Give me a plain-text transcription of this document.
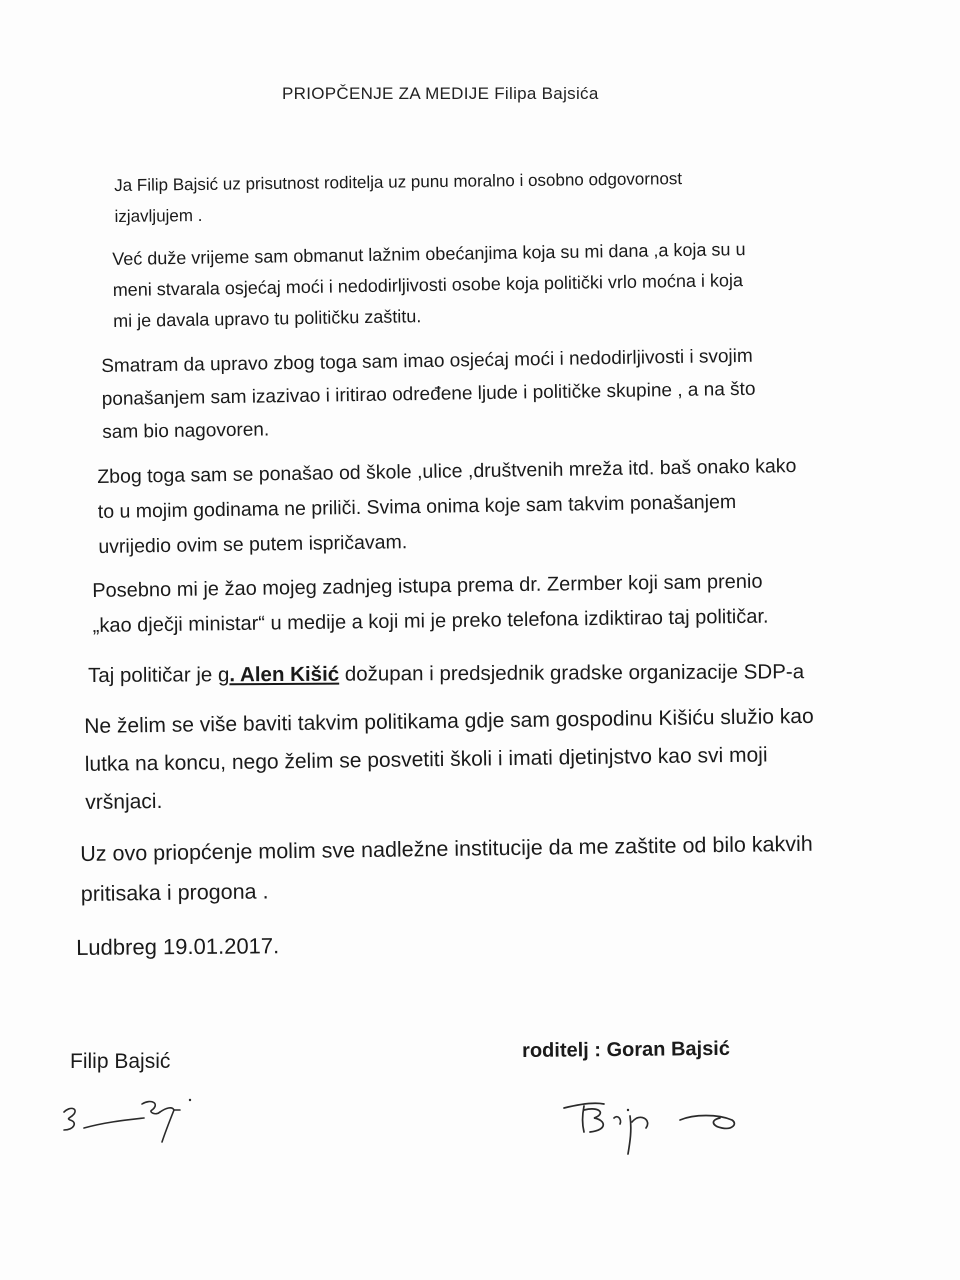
PRIOPČENJE ZA MEDIJE Filipa Bajsića
Ja Filip Bajsić uz prisutnost roditelja uz punu moralno i osobno odgovornost
izjavljujem .
Već duže vrijeme sam obmanut lažnim obećanjima koja su mi dana ,a koja su u
meni stvarala osjećaj moći i nedodirljivosti osobe koja politički vrlo moćna i koja
mi je davala upravo tu političku zaštitu.
Smatram da upravo zbog toga sam imao osjećaj moći i nedodirljivosti i svojim
ponašanjem sam izazivao i iritirao određene ljude i političke skupine , a na što
sam bio nagovoren.
Zbog toga sam se ponašao od škole ,ulice ,društvenih mreža itd. baš onako kako
to u mojim godinama ne priliči. Svima onima koje sam takvim ponašanjem
uvrijedio ovim se putem ispričavam.
Posebno mi je žao mojeg zadnjeg istupa prema dr. Zermber koji sam prenio
„kao dječji ministar“ u medije a koji mi je preko telefona izdiktirao taj političar.
Taj političar je g. Alen Kišić dožupan i predsjednik gradske organizacije SDP-a
Ne želim se više baviti takvim politikama gdje sam gospodinu Kišiću služio kao
lutka na koncu, nego želim se posvetiti školi i imati djetinjstvo kao svi moji
vršnjaci.
Uz ovo priopćenje molim sve nadležne institucije da me zaštite od bilo kakvih
pritisaka i progona .
Ludbreg 19.01.2017.
Filip Bajsić	roditelj : Goran Bajsić
